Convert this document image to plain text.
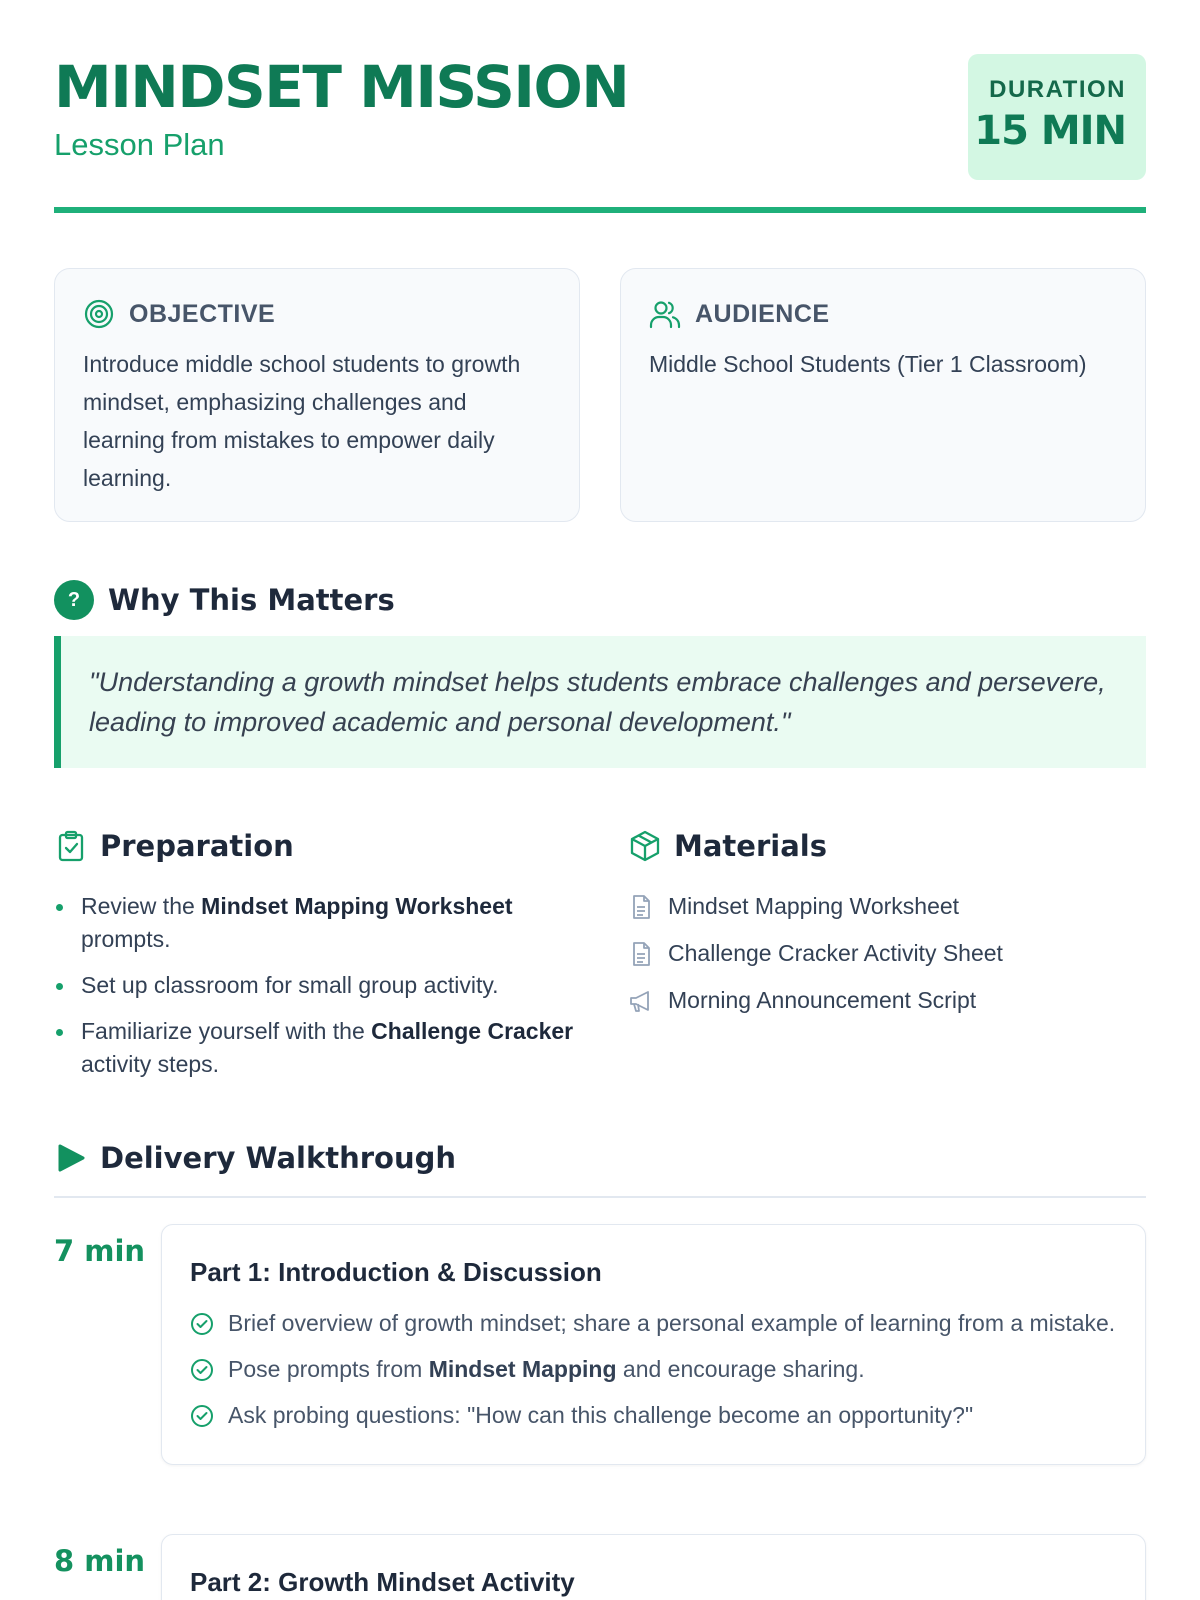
MINDSET MISSION
Lesson Plan
DURATION
15 MIN
OBJECTIVE
Introduce middle school students to growth mindset, emphasizing challenges and learning from mistakes to empower daily learning.
AUDIENCE
Middle School Students (Tier 1 Classroom)
? Why This Matters
"Understanding a growth mindset helps students embrace challenges and persevere, leading to improved academic and personal development."
Preparation
Review the Mindset Mapping Worksheet prompts.
Set up classroom for small group activity.
Familiarize yourself with the Challenge Cracker activity steps.
Materials
Mindset Mapping Worksheet
Challenge Cracker Activity Sheet
Morning Announcement Script
Delivery Walkthrough
7 min
Part 1: Introduction & Discussion
Brief overview of growth mindset; share a personal example of learning from a mistake.
Pose prompts from Mindset Mapping and encourage sharing.
Ask probing questions: "How can this challenge become an opportunity?"
8 min
Part 2: Growth Mindset Activity
